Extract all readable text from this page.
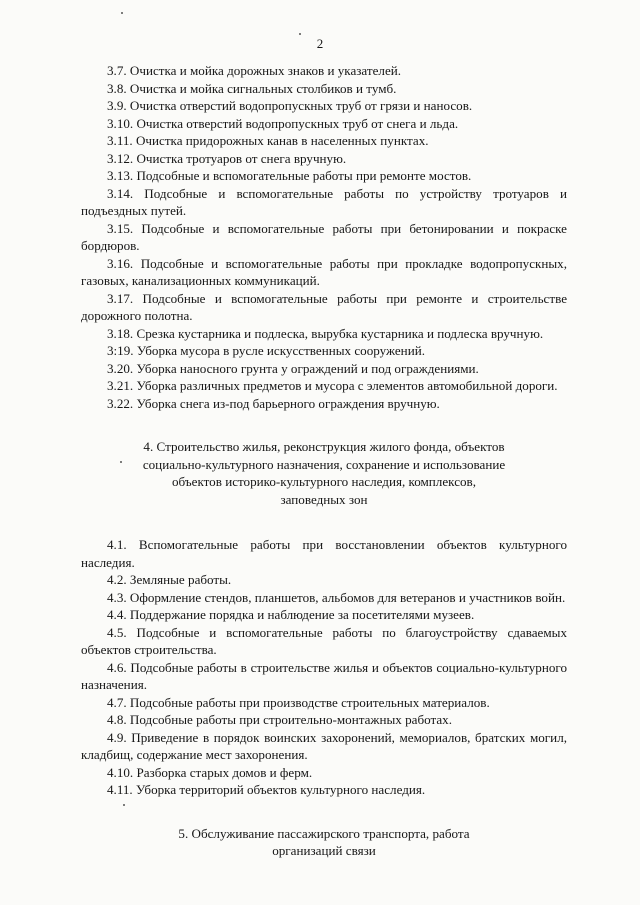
2

3.7. Очистка и мойка дорожных знаков и указателей.

3.8. Очистка и мойка сигнальных столбиков и тумб.

3.9. Очистка отверстий водопропускных труб от грязи и наносов.

3.10. Очистка отверстий водопропускных труб от снега и льда.

3.11. Очистка придорожных канав в населенных пунктах.

3.12. Очистка тротуаров от снега вручную.

3.13. Подсобные и вспомогательные работы при ремонте мостов.

3.14. Подсобные и вспомогательные работы по устройству тротуаров и подъездных путей.

3.15. Подсобные и вспомогательные работы при бетонировании и покраске бордюров.

3.16. Подсобные и вспомогательные работы при прокладке водопропускных, газовых, канализационных коммуникаций.

3.17. Подсобные и вспомогательные работы при ремонте и строительстве дорожного полотна.

3.18. Срезка кустарника и подлеска, вырубка кустарника и подлеска вручную.

3:19. Уборка мусора в русле искусственных сооружений.

3.20. Уборка наносного грунта у ограждений и под ограждениями.

3.21. Уборка различных предметов и мусора с элементов автомобильной дороги.

3.22. Уборка снега из-под барьерного ограждения вручную.

4. Строительство жилья, реконструкция жилого фонда, объектов
социально-культурного назначения, сохранение и использование
объектов историко-культурного наследия, комплексов,
заповедных зон

4.1. Вспомогательные работы при восстановлении объектов культурного наследия.

4.2. Земляные работы.

4.3. Оформление стендов, планшетов, альбомов для ветеранов и участников войн.

4.4. Поддержание порядка и наблюдение за посетителями музеев.

4.5. Подсобные и вспомогательные работы по благоустройству сдаваемых объектов строительства.

4.6. Подсобные работы в строительстве жилья и объектов социально-культурного назначения.

4.7. Подсобные работы при производстве строительных материалов.

4.8. Подсобные работы при строительно-монтажных работах.

4.9. Приведение в порядок воинских захоронений, мемориалов, братских могил, кладбищ, содержание мест захоронения.

4.10. Разборка старых домов и ферм.

4.11. Уборка территорий объектов культурного наследия.

5. Обслуживание пассажирского транспорта, работа
организаций связи
